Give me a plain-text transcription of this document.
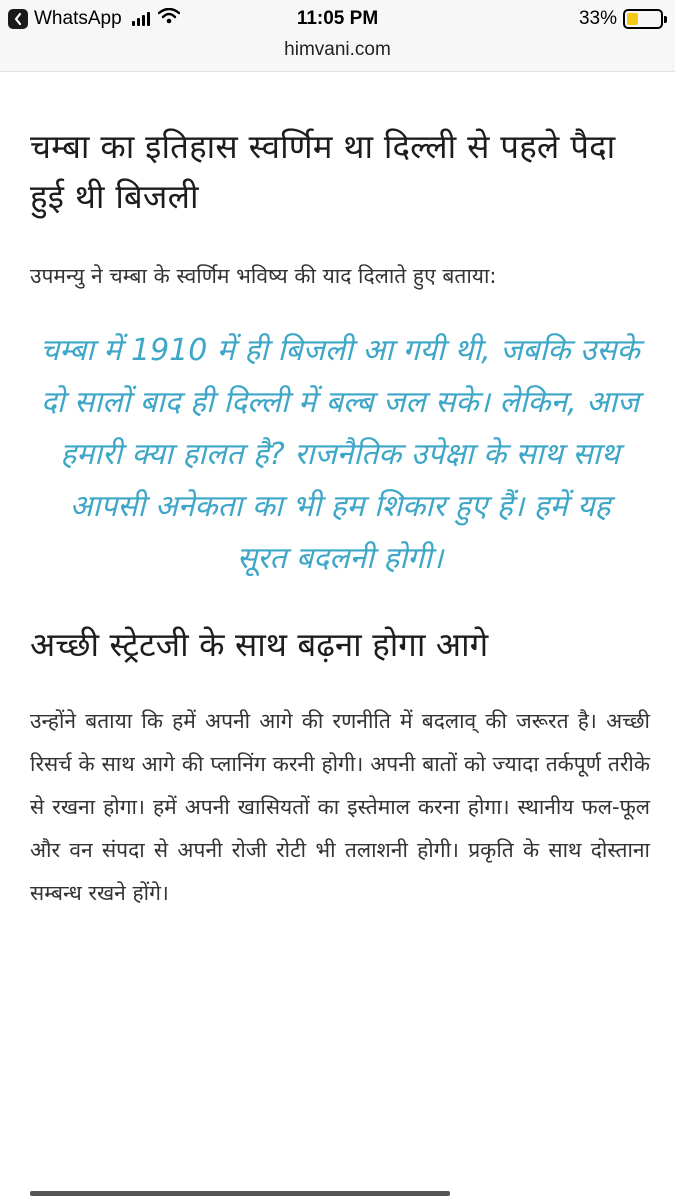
WhatsApp	11:05 PM	33%
himvani.com
चम्बा का इतिहास स्वर्णिम था दिल्ली से पहले पैदा हुई थी बिजली

उपमन्यु ने चम्बा के स्वर्णिम भविष्य की याद दिलाते हुए बताया:

चम्बा में 1910 में ही बिजली आ गयी थी, जबकि उसके दो सालों बाद ही दिल्ली में बल्ब जल सके। लेकिन, आज हमारी क्या हालत है? राजनैतिक उपेक्षा के साथ साथ आपसी अनेकता का भी हम शिकार हुए हैं। हमें यह सूरत बदलनी होगी।
अच्छी स्ट्रेटजी के साथ बढ़ना होगा आगे

उन्होंने बताया कि हमें अपनी आगे की रणनीति में बदलाव् की जरूरत है। अच्छी रिसर्च के साथ आगे की प्लानिंग करनी होगी। अपनी बातों को ज्यादा तर्कपूर्ण तरीके से रखना होगा। हमें अपनी खासियतों का इस्तेमाल करना होगा। स्थानीय फल-फूल और वन संपदा से अपनी रोजी रोटी भी तलाशनी होगी। प्रकृति के साथ दोस्ताना सम्बन्ध रखने होंगे।
